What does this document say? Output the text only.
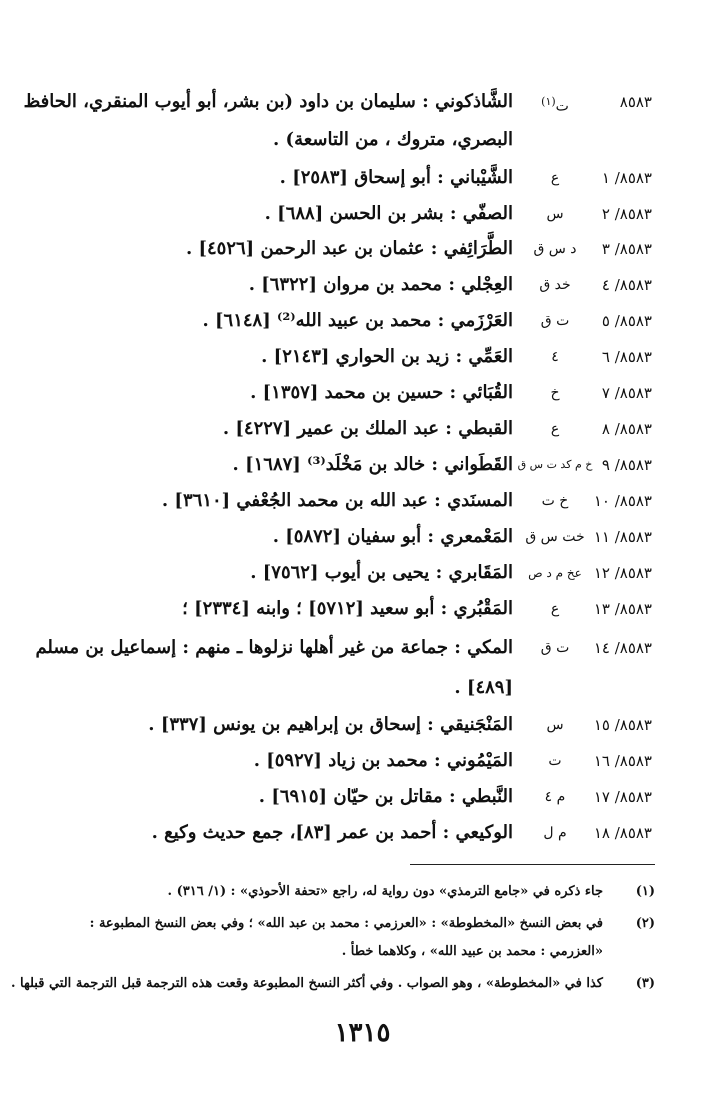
٨٥٨٣
ت$^{(١)}$
الشَّاذكوني : سليمان بن داود (بن بشر، أبو أيوب المنقري، الحافظ
البصري، متروك ، من التاسعة) .
٨٥٨٣/ ١
ع
الشَّيْباني : أبو إسحاق [٢٥٨٣] .
٨٥٨٣/ ٢
س
الصفّي : بشر بن الحسن [٦٨٨] .
٨٥٨٣/ ٣
د س ق
الطَّرَائِفي : عثمان بن عبد الرحمن [٤٥٢٦] .
٨٥٨٣/ ٤
خد ق
العِجْلي : محمد بن مروان [٦٣٢٢] .
٨٥٨٣/ ٥
ت ق
العَرْزَمي : محمد بن عبيد الله⁽²⁾ [٦١٤٨] .
٨٥٨٣/ ٦
٤
العَمِّي : زيد بن الحواري [٢١٤٣] .
٨٥٨٣/ ٧
خ
القُبَائي : حسين بن محمد [١٣٥٧] .
٨٥٨٣/ ٨
ع
القبطي : عبد الملك بن عمير [٤٢٢٧] .
٨٥٨٣/ ٩
خ م كد ت س ق
القَطَواني : خالد بن مَخْلَد⁽³⁾ [١٦٨٧] .
٨٥٨٣/ ١٠
خ ت
المسنَدي : عبد الله بن محمد الجُعْفي [٣٦١٠] .
٨٥٨٣/ ١١
خت س ق
المَعْمعري : أبو سفيان [٥٨٧٢] .
٨٥٨٣/ ١٢
عخ م د ص
المَقَابري : يحيى بن أيوب [٧٥٦٢] .
٨٥٨٣/ ١٣
ع
المَقْبُري : أبو سعيد [٥٧١٢] ؛ وابنه [٢٣٣٤] ؛
٨٥٨٣/ ١٤
ت ق
المكي : جماعة من غير أهلها نزلوها ـ منهم : إسماعيل بن مسلم
[٤٨٩] .
٨٥٨٣/ ١٥
س
المَنْجَنيقي : إسحاق بن إبراهيم بن يونس [٣٣٧] .
٨٥٨٣/ ١٦
ت
المَيْمُوني : محمد بن زياد [٥٩٢٧] .
٨٥٨٣/ ١٧
م ٤
النَّبطي : مقاتل بن حيّان [٦٩١٥] .
٨٥٨٣/ ١٨
م ل
الوكيعي : أحمد بن عمر [٨٣]، جمع حديث وكيع .
(١)
جاء ذكره في «جامع الترمذي» دون رواية له، راجع «تحفة الأحوذي» : (١/ ٣١٦) .
(٢)
في بعض النسخ «المخطوطة» : «العرزمي : محمد بن عبد الله» ؛ وفي بعض النسخ المطبوعة :
«العزرمي : محمد بن عبيد الله» ، وكلاهما خطأ .
(٣)
كذا في «المخطوطة» ، وهو الصواب . وفي أكثر النسخ المطبوعة وقعت هذه الترجمة قبل الترجمة التي قبلها .
١٣١٥
